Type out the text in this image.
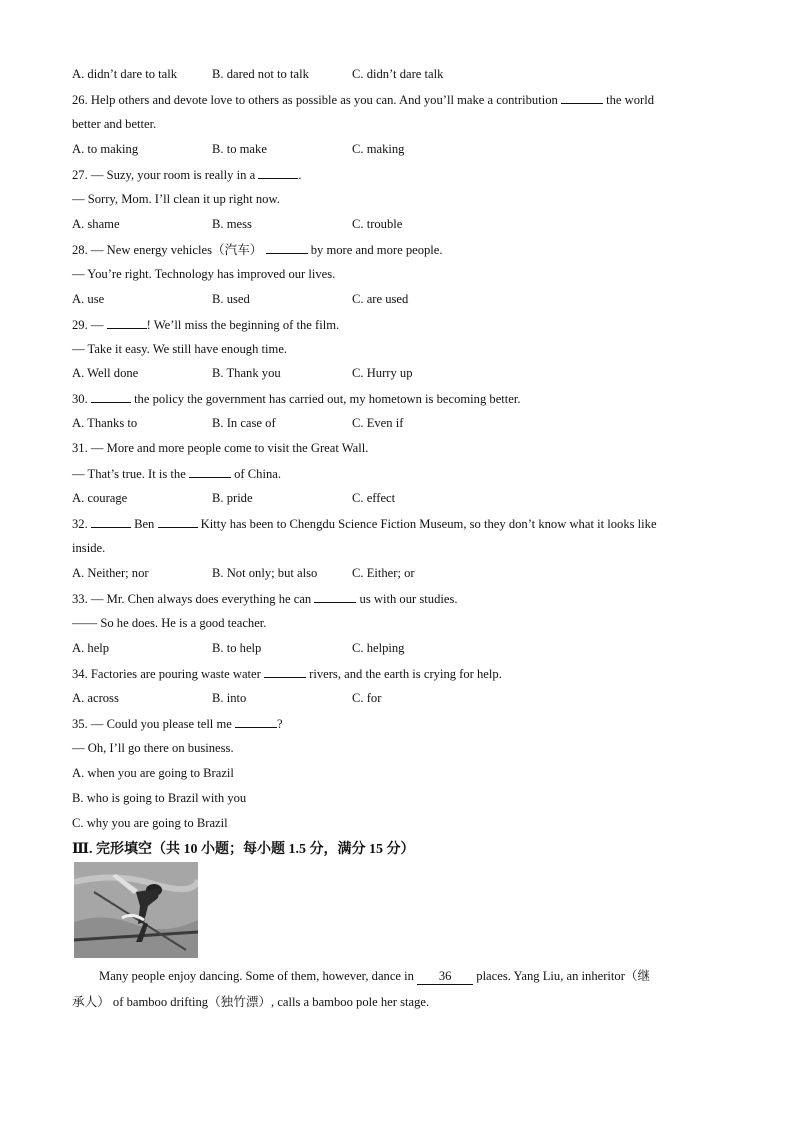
A. didn’t dare to talk	B. dared not to talk	C. didn’t dare talk
26. Help others and devote love to others as possible as you can. And you’ll make a contribution	the world
better and better.
A. to making	B. to make	C. making
27. — Suzy, your room is really in a	.
— Sorry, Mom. I’ll clean it up right now.
A. shame	B. mess	C. trouble
28. — New energy vehicles（汽车）	by more and more people.
— You’re right. Technology has improved our lives.
A. use	B. used	C. are used
29. —	! We’ll miss the beginning of the film.
— Take it easy. We still have enough time.
A. Well done	B. Thank you	C. Hurry up
30.	the policy the government has carried out, my hometown is becoming better.
A. Thanks to	B. In case of	C. Even if
31. — More and more people come to visit the Great Wall.
— That’s true. It is the	of China.
A. courage	B. pride	C. effect
32.	Ben	Kitty has been to Chengdu Science Fiction Museum, so they don’t know what it looks like
inside.
A. Neither; nor	B. Not only; but also	C. Either; or
33. — Mr. Chen always does everything he can	us with our studies.
—— So he does. He is a good teacher.
A. help	B. to help	C. helping
34. Factories are pouring waste water	rivers, and the earth is crying for help.
A. across	B. into	C. for
35. — Could you please tell me	?
— Oh, I’ll go there on business.
A. when you are going to Brazil
B. who is going to Brazil with you
C. why you are going to Brazil
Ⅲ. 完形填空（共 10 小题；每小题 1.5 分，满分 15 分）
Many people enjoy dancing. Some of them, however, dance in 36 places. Yang Liu, an inheritor（继
承人） of bamboo drifting（独竹漂）, calls a bamboo pole her stage.
